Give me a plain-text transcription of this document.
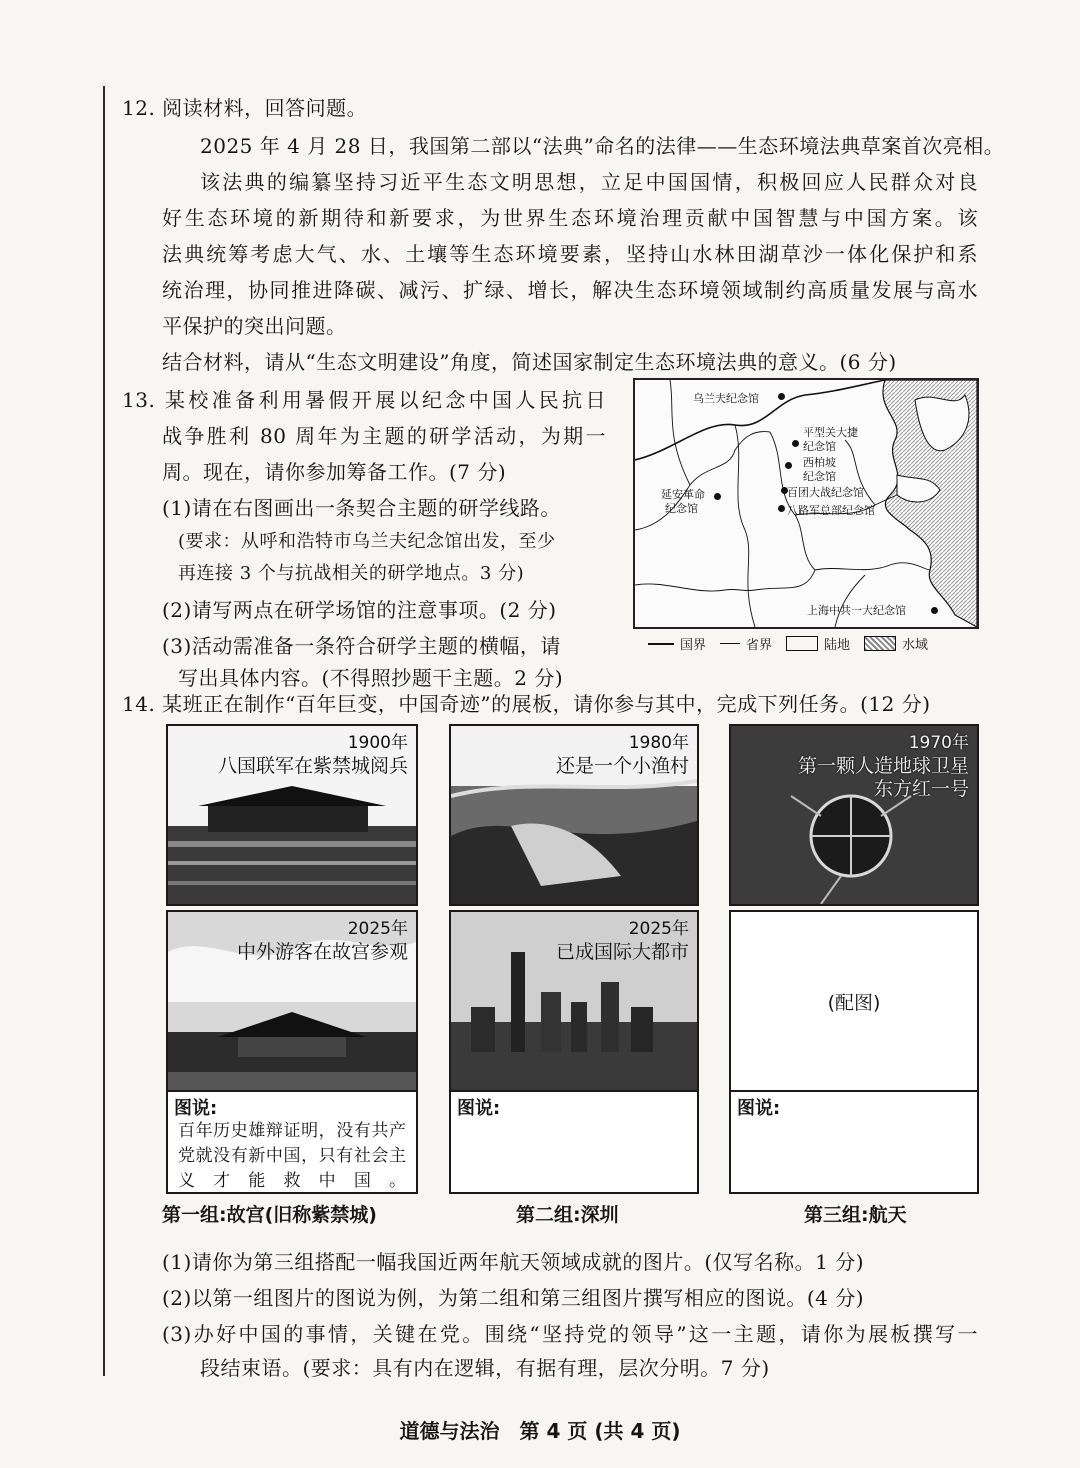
12. 阅读材料，回答问题。
2025 年 4 月 28 日，我国第二部以“法典”命名的法律——生态环境法典草案首次亮相。
该法典的编纂坚持习近平生态文明思想，立足中国国情，积极回应人民群众对良
好生态环境的新期待和新要求，为世界生态环境治理贡献中国智慧与中国方案。该
法典统筹考虑大气、水、土壤等生态环境要素，坚持山水林田湖草沙一体化保护和系
统治理，协同推进降碳、减污、扩绿、增长，解决生态环境领域制约高质量发展与高水
平保护的突出问题。
结合材料，请从“生态文明建设”角度，简述国家制定生态环境法典的意义。(6 分)
13. 某校准备利用暑假开展以纪念中国人民抗日
战争胜利 80 周年为主题的研学活动，为期一
周。现在，请你参加筹备工作。(7 分)
(1)请在右图画出一条契合主题的研学线路。
(要求：从呼和浩特市乌兰夫纪念馆出发，至少
再连接 3 个与抗战相关的研学地点。3 分)
(2)请写两点在研学场馆的注意事项。(2 分)
(3)活动需准备一条符合研学主题的横幅，请
写出具体内容。(不得照抄题干主题。2 分)
乌兰夫纪念馆
平型关大捷
纪念馆
西柏坡
纪念馆
百团大战纪念馆
八路军总部纪念馆
延安革命
纪念馆
上海中共一大纪念馆
国界	省界	陆地	水域
14. 某班正在制作“百年巨变，中国奇迹”的展板，请你参与其中，完成下列任务。(12 分)
1900年
八国联军在紫禁城阅兵
1980年
还是一个小渔村
1970年
第一颗人造地球卫星
东方红一号
2025年
中外游客在故宫参观
2025年
已成国际大都市
(配图)
图说:
百年历史雄辩证明，没有共产党就没有新中国，只有社会主义才能救中国。
图说:	图说:
第一组:故宫(旧称紫禁城)	第二组:深圳	第三组:航天
(1)请你为第三组搭配一幅我国近两年航天领域成就的图片。(仅写名称。1 分)
(2)以第一组图片的图说为例，为第二组和第三组图片撰写相应的图说。(4 分)
(3)办好中国的事情，关键在党。围绕“坚持党的领导”这一主题，请你为展板撰写一
段结束语。(要求：具有内在逻辑，有据有理，层次分明。7 分)
道德与法治　第 4 页 (共 4 页)
